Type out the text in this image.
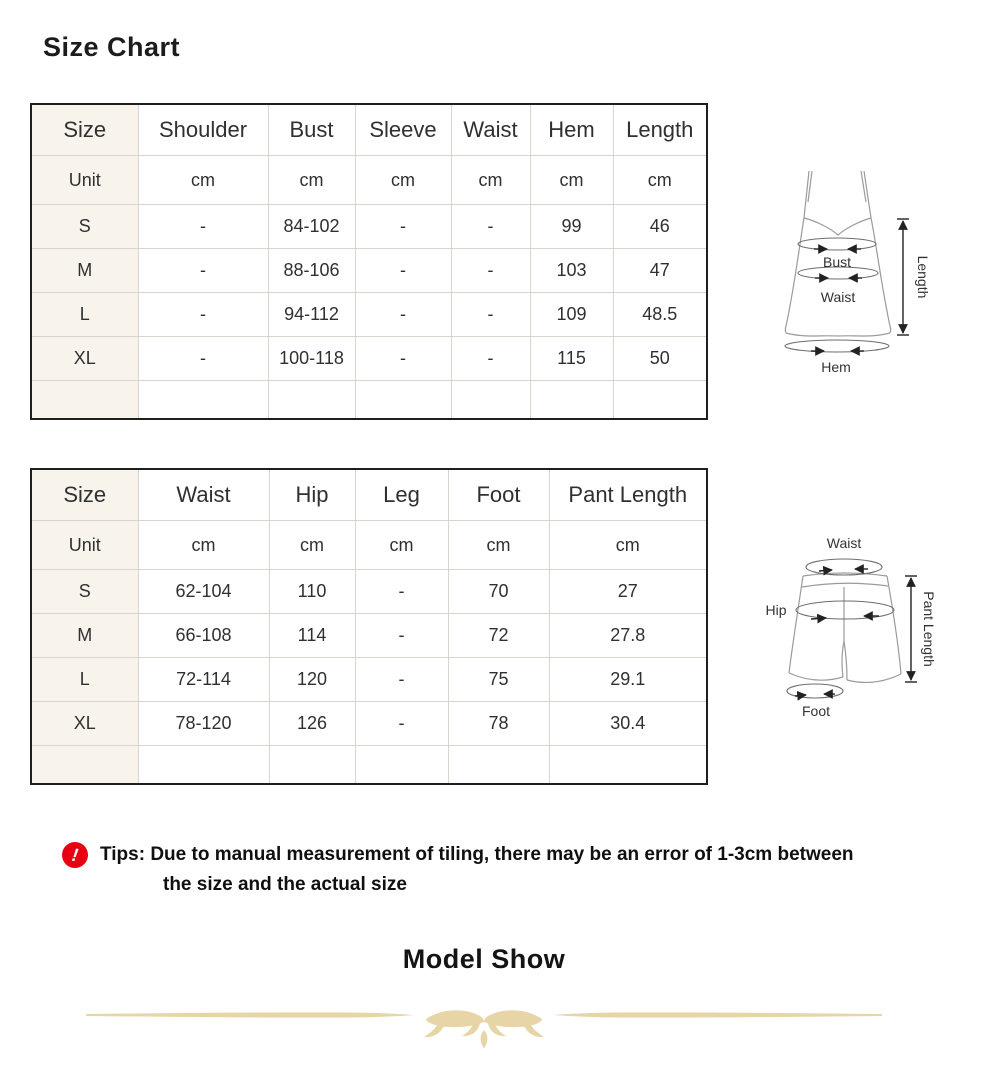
Size Chart
Size	Shoulder	Bust	Sleeve	Waist	Hem	Length
Unit	cm	cm	cm	cm	cm	cm
S	-	84-102	-	-	99	46
M	-	88-106	-	-	103	47
L	-	94-112	-	-	109	48.5
XL	-	100-118	-	-	115	50

Bust
Waist
Hem
Length
Size	Waist	Hip	Leg	Foot	Pant Length
Unit	cm	cm	cm	cm	cm
S	62-104	110	-	70	27
M	66-108	114	-	72	27.8
L	72-114	120	-	75	29.1
XL	78-120	126	-	78	30.4

Waist
Hip
Foot
Pant Length
! Tips: Due to manual measurement of tiling, there may be an error of 1-3cm between
the size and the actual size
Model Show
